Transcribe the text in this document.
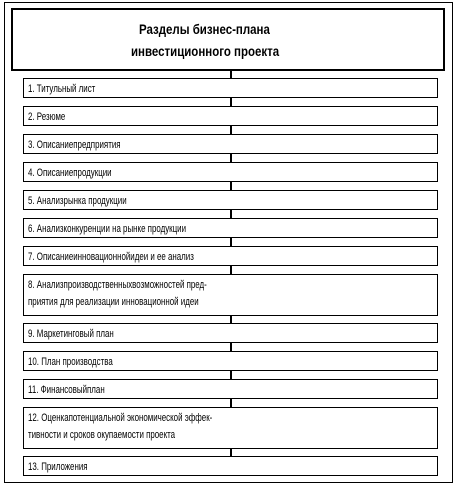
Разделы бизнес-плана
инвестиционного проекта
1. Титульный лист
2. Резюме
3. Описаниепредприятия
4. Описаниепродукции
5. Анализрынка продукции
6. Анализконкуренции на рынке продукции
7. Описаниеинновационнойидеи и ее анализ
8. Анализпроизводственныхвозможностей пред-
приятия для реализации инновационной идеи
9. Маркетинговый план
10. План производства
11. Финансовыйплан
12. Оценкапотенциальной экономической эффек-
тивности и сроков окупаемости проекта
13. Приложения
